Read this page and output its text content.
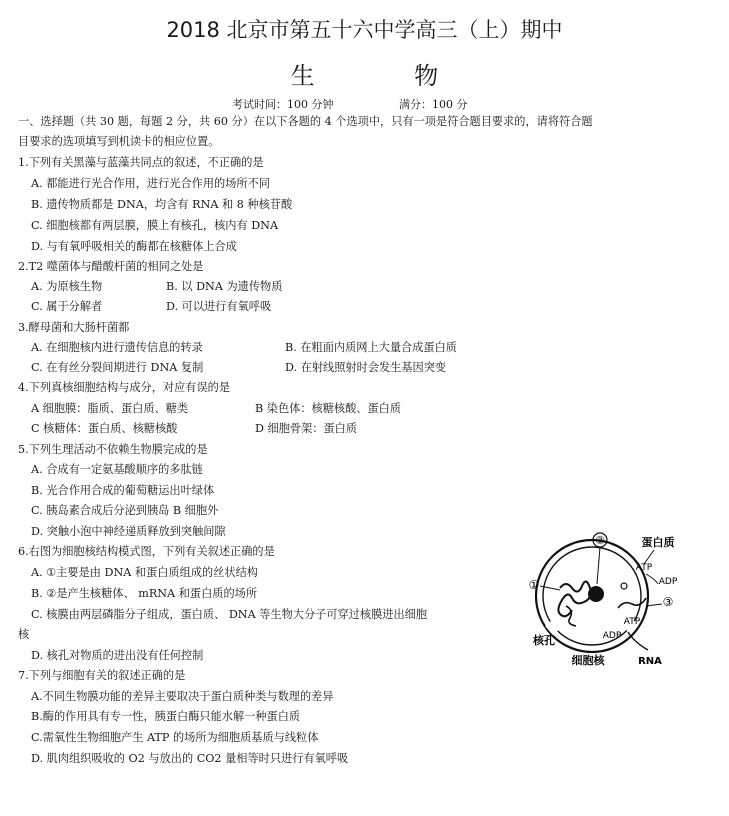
2018 北京市第五十六中学高三（上）期中
生 物
考试时间：100 分钟	满分：100 分
一、选择题（共 30 题，每题 2 分，共 60 分）在以下各题的 4 个选项中，只有一项是符合题目要求的，请将符合题
目要求的选项填写到机读卡的相应位置。
1.下列有关黑藻与蓝藻共同点的叙述，不正确的是
A. 都能进行光合作用，进行光合作用的场所不同
B. 遗传物质都是 DNA，均含有 RNA 和 8 种核苷酸
C. 细胞核都有两层膜，膜上有核孔，核内有 DNA
D. 与有氧呼吸相关的酶都在核糖体上合成
2.T2 噬菌体与醋酸杆菌的相同之处是
A. 为原核生物	B. 以 DNA 为遗传物质
C. 属于分解者	D. 可以进行有氧呼吸
3.酵母菌和大肠杆菌都
A. 在细胞核内进行遗传信息的转录	B. 在粗面内质网上大量合成蛋白质
C. 在有丝分裂间期进行 DNA 复制	D. 在射线照射时会发生基因突变
4.下列真核细胞结构与成分，对应有误的是
A 细胞膜：脂质、蛋白质、糖类	B 染色体：核糖核酸、蛋白质
C 核糖体：蛋白质、核糖核酸	D 细胞骨架：蛋白质
5.下列生理活动不依赖生物膜完成的是
A. 合成有一定氨基酸顺序的多肽链
B. 光合作用合成的葡萄糖运出叶绿体
C. 胰岛素合成后分泌到胰岛 B 细胞外
D. 突触小泡中神经递质释放到突触间隙
6.右图为细胞核结构模式图，下列有关叙述正确的是
A. ①主要是由 DNA 和蛋白质组成的丝状结构
B. ②是产生核糖体、 mRNA 和蛋白质的场所
C. 核膜由两层磷脂分子组成，蛋白质、 DNA 等生物大分子可穿过核膜进出细胞
核
D. 核孔对物质的进出没有任何控制
7.下列与细胞有关的叙述正确的是
A.不同生物膜功能的差异主要取决于蛋白质种类与数理的差异
B.酶的作用具有专一性，胰蛋白酶只能水解一种蛋白质
C.需氧性生物细胞产生 ATP 的场所为细胞质基质与线粒体
D. 肌肉组织吸收的 O2 与放出的 CO2 量相等时只进行有氧呼吸
②
①
蛋白质
ATP
ADP
③
ATP
ADP
核孔
细胞核	RNA
